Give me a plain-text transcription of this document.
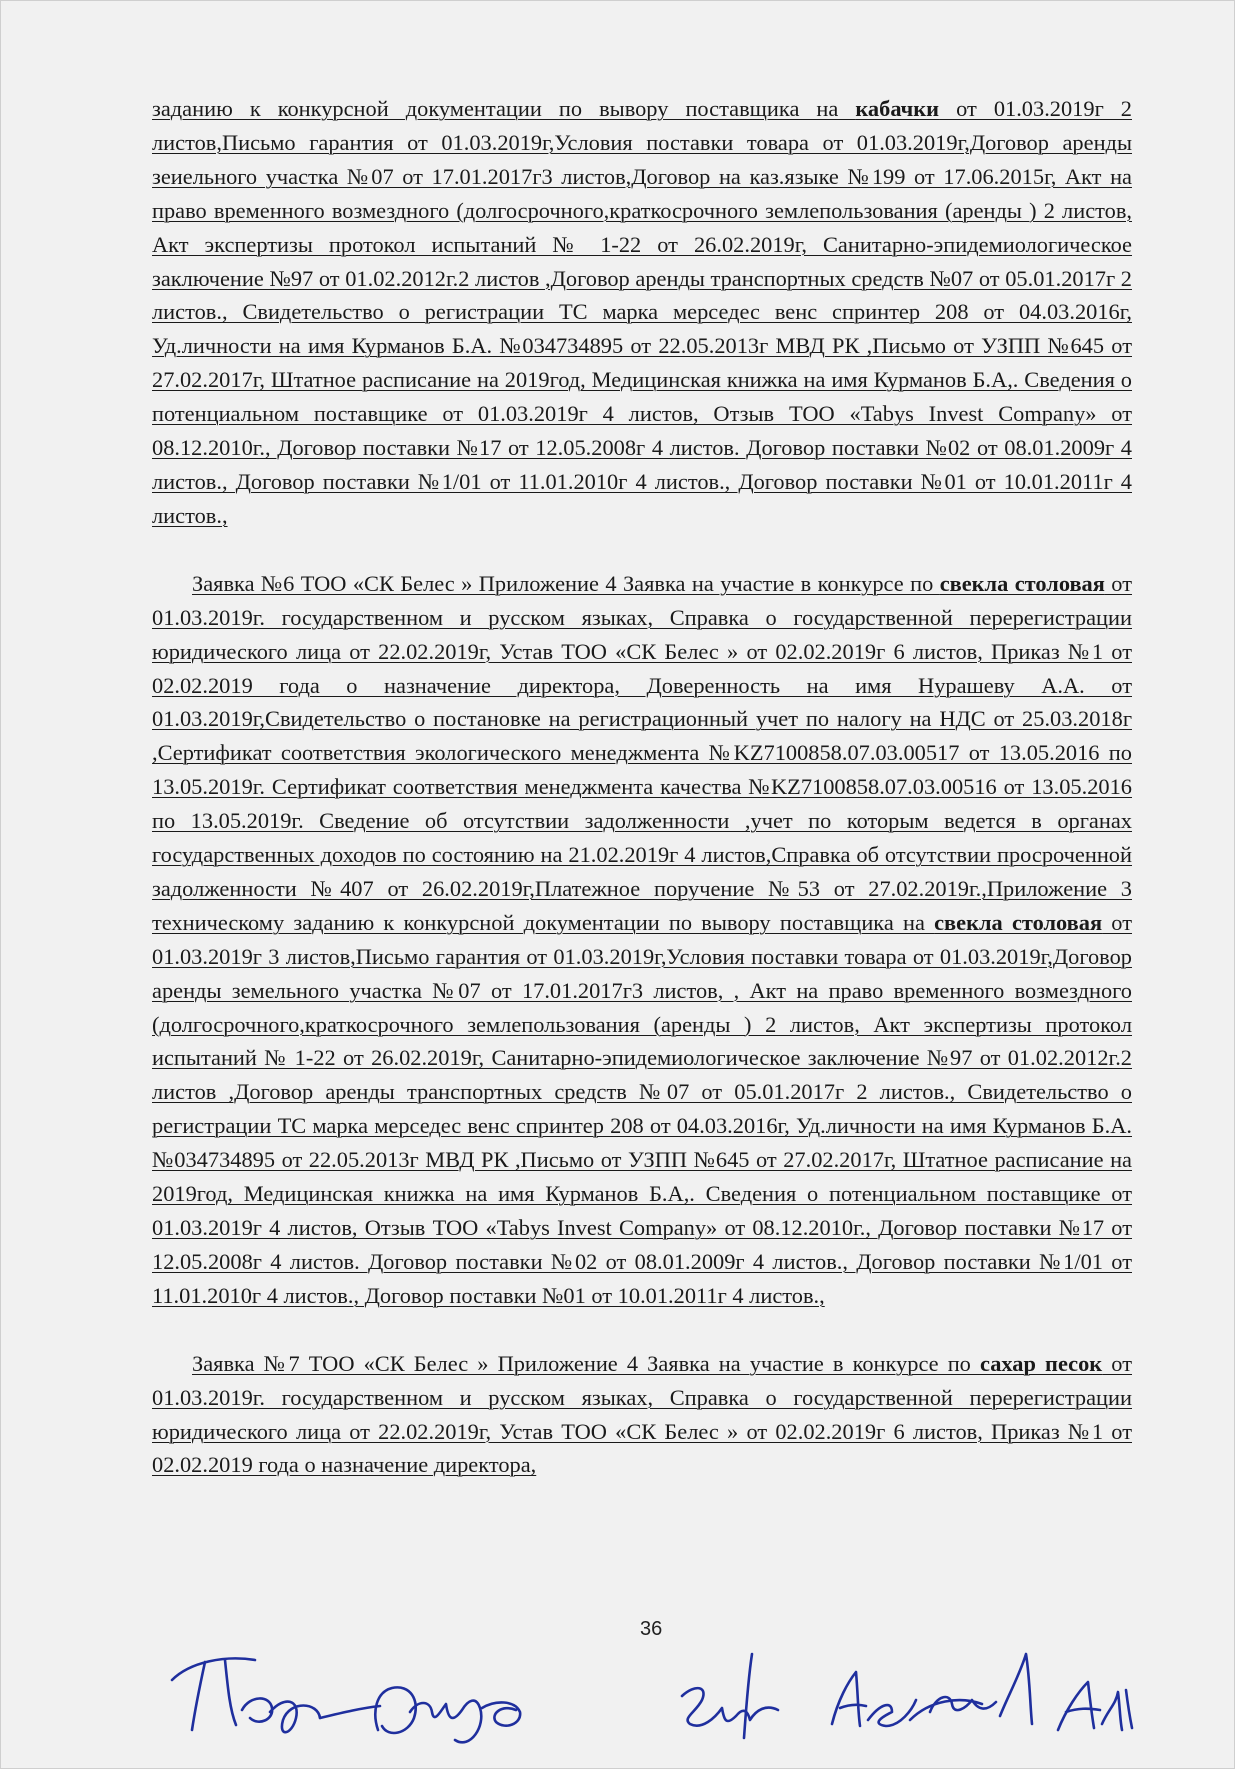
заданию к конкурсной документации по вывору поставщика на кабачки от 01.03.2019г 2 листов,Письмо гарантия от 01.03.2019г,Условия поставки товара от 01.03.2019г,Договор аренды зеиельного участка №07 от 17.01.2017г3 листов,Договор на каз.языке №199 от 17.06.2015г, Акт на право временного возмездного (долгосрочного,краткосрочного землепользования (аренды ) 2 листов, Акт экспертизы протокол испытаний № 1-22 от 26.02.2019г, Санитарно-эпидемиологическое заключение №97 от 01.02.2012г.2 листов ,Договор аренды транспортных средств №07 от 05.01.2017г 2 листов., Свидетельство о регистрации ТС марка мерседес венс спринтер 208 от 04.03.2016г, Уд.личности на имя Курманов Б.А. №034734895 от 22.05.2013г МВД РК ,Письмо от УЗПП №645 от 27.02.2017г, Штатное расписание на 2019год, Медицинская книжка на имя Курманов Б.А,. Сведения о потенциальном поставщике от 01.03.2019г 4 листов, Отзыв ТОО «Tabys Invest Company» от 08.12.2010г., Договор поставки №17 от 12.05.2008г 4 листов. Договор поставки №02 от 08.01.2009г 4 листов., Договор поставки №1/01 от 11.01.2010г 4 листов., Договор поставки №01 от 10.01.2011г 4 листов.,

Заявка №6 ТОО «СК Белес » Приложение 4 Заявка на участие в конкурсе по свекла столовая от 01.03.2019г. государственном и русском языках, Справка о государственной перерегистрации юридического лица от 22.02.2019г, Устав ТОО «СК Белес » от 02.02.2019г 6 листов, Приказ №1 от 02.02.2019 года о назначение директора, Доверенность на имя Нурашеву А.А. от 01.03.2019г,Свидетельство о постановке на регистрационный учет по налогу на НДС от 25.03.2018г ,Сертификат соответствия экологического менеджмента №KZ7100858.07.03.00517 от 13.05.2016 по 13.05.2019г. Сертификат соответствия менеджмента качества №KZ7100858.07.03.00516 от 13.05.2016 по 13.05.2019г. Сведение об отсутствии задолженности ,учет по которым ведется в органах государственных доходов по состоянию на 21.02.2019г 4 листов,Справка об отсутствии просроченной задолженности №407 от 26.02.2019г,Платежное поручение №53 от 27.02.2019г.,Приложение 3 техническому заданию к конкурсной документации по вывору поставщика на свекла столовая от 01.03.2019г 3 листов,Письмо гарантия от 01.03.2019г,Условия поставки товара от 01.03.2019г,Договор аренды земельного участка №07 от 17.01.2017г3 листов, , Акт на право временного возмездного (долгосрочного,краткосрочного землепользования (аренды ) 2 листов, Акт экспертизы протокол испытаний № 1-22 от 26.02.2019г, Санитарно-эпидемиологическое заключение №97 от 01.02.2012г.2 листов ,Договор аренды транспортных средств №07 от 05.01.2017г 2 листов., Свидетельство о регистрации ТС марка мерседес венс спринтер 208 от 04.03.2016г, Уд.личности на имя Курманов Б.А. №034734895 от 22.05.2013г МВД РК ,Письмо от УЗПП №645 от 27.02.2017г, Штатное расписание на 2019год, Медицинская книжка на имя Курманов Б.А,. Сведения о потенциальном поставщике от 01.03.2019г 4 листов, Отзыв ТОО «Tabys Invest Company» от 08.12.2010г., Договор поставки №17 от 12.05.2008г 4 листов. Договор поставки №02 от 08.01.2009г 4 листов., Договор поставки №1/01 от 11.01.2010г 4 листов., Договор поставки №01 от 10.01.2011г 4 листов.,

Заявка №7 ТОО «СК Белес » Приложение 4 Заявка на участие в конкурсе по сахар песок от 01.03.2019г. государственном и русском языках, Справка о государственной перерегистрации юридического лица от 22.02.2019г, Устав ТОО «СК Белес » от 02.02.2019г 6 листов, Приказ №1 от 02.02.2019 года о назначение директора,

36
